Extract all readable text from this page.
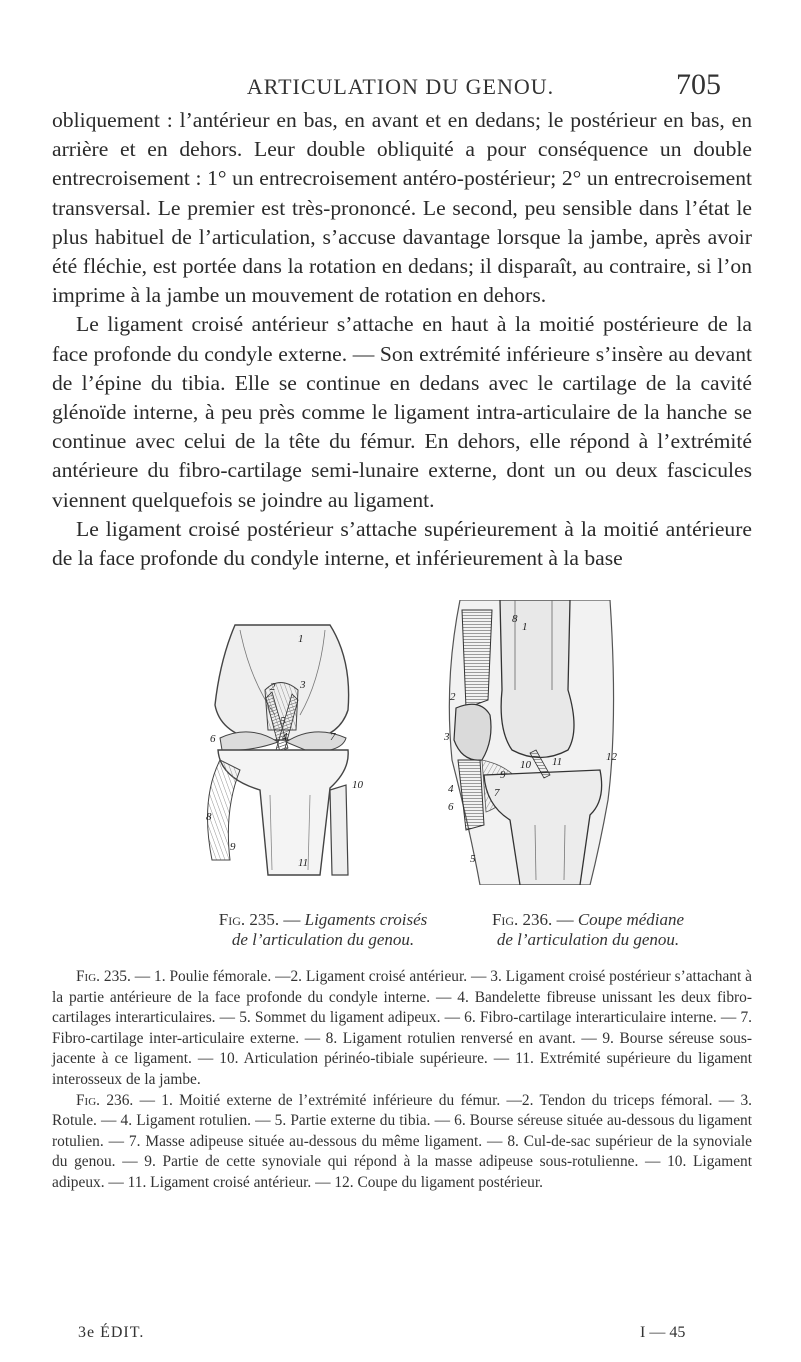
ARTICULATION DU GENOU.	705

obliquement : l’antérieur en bas, en avant et en dedans; le postérieur en bas, en arrière et en dehors. Leur double obliquité a pour conséquence un double entrecroisement : 1° un entrecroisement antéro-postérieur; 2° un entrecroisement transversal. Le premier est très-prononcé. Le second, peu sensible dans l’état le plus habituel de l’articulation, s’accuse davantage lorsque la jambe, après avoir été fléchie, est portée dans la rotation en dedans; il disparaît, au contraire, si l’on imprime à la jambe un mouvement de rotation en dehors.

Le ligament croisé antérieur s’attache en haut à la moitié postérieure de la face profonde du condyle externe. — Son extrémité inférieure s’insère au devant de l’épine du tibia. Elle se continue en dedans avec le cartilage de la cavité glénoïde interne, à peu près comme le ligament intra-articulaire de la hanche se continue avec celui de la tête du fémur. En dehors, elle répond à l’extrémité antérieure du fibro-cartilage semi-lunaire externe, dont un ou deux fascicules viennent quelquefois se joindre au ligament.

Le ligament croisé postérieur s’attache supérieurement à la moitié antérieure de la face profonde du condyle interne, et inférieurement à la base

1
2 3
4
5
6	7
8
9
10
11
1
2
3
4
5
6
7
8
9
10 11	12
Fig. 235. — Ligaments croisés
de l’articulation du genou.
Fig. 236. — Coupe médiane
de l’articulation du genou.

Fig. 235. — 1. Poulie fémorale. —2. Ligament croisé antérieur. — 3. Ligament croisé postérieur s’attachant à la partie antérieure de la face profonde du condyle interne. — 4. Bandelette fibreuse unissant les deux fibro-cartilages interarticulaires. — 5. Sommet du ligament adipeux. — 6. Fibro-cartilage interarticulaire interne. — 7. Fibro-cartilage inter-articulaire externe. — 8. Ligament rotulien renversé en avant. — 9. Bourse séreuse sous-jacente à ce ligament. — 10. Articulation périnéo-tibiale supérieure. — 11. Extrémité supérieure du ligament interosseux de la jambe.

Fig. 236. — 1. Moitié externe de l’extrémité inférieure du fémur. —2. Tendon du triceps fémoral. — 3. Rotule. — 4. Ligament rotulien. — 5. Partie externe du tibia. — 6. Bourse séreuse située au-dessous du ligament rotulien. — 7. Masse adipeuse située au-dessous du même ligament. — 8. Cul-de-sac supérieur de la synoviale du genou. — 9. Partie de cette synoviale qui répond à la masse adipeuse sous-rotulienne. — 10. Ligament adipeux. — 11. Ligament croisé antérieur. — 12. Coupe du ligament postérieur.

3e ÉDIT.	I — 45
